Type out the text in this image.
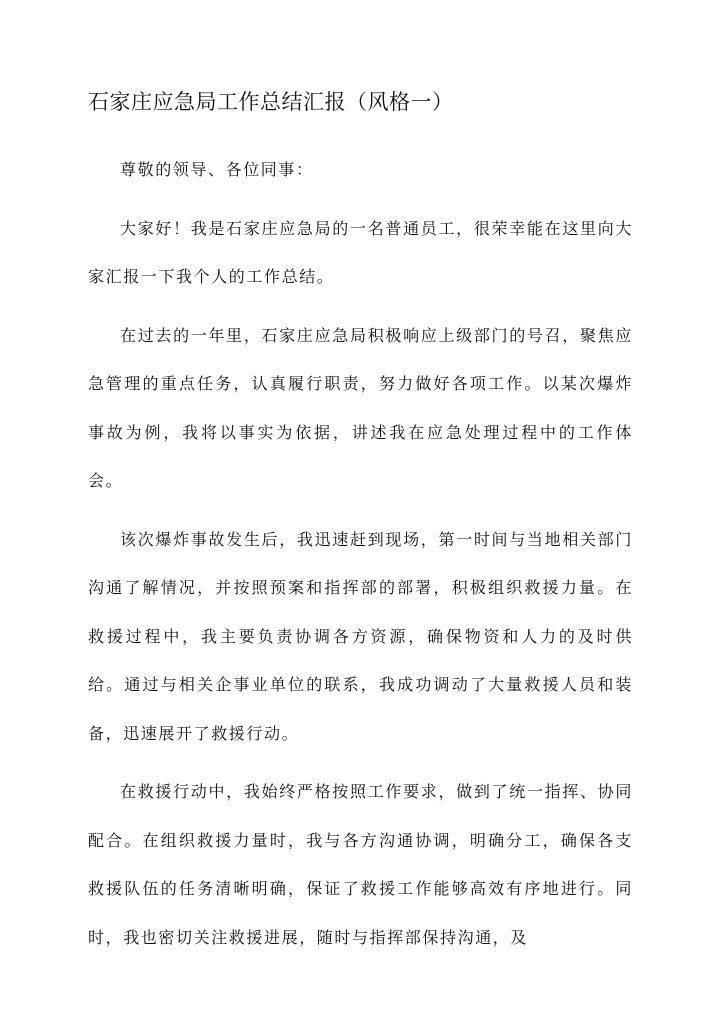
石家庄应急局工作总结汇报（风格一）

尊敬的领导、各位同事：

大家好！我是石家庄应急局的一名普通员工，很荣幸能在这里向大家汇报一下我个人的工作总结。

在过去的一年里，石家庄应急局积极响应上级部门的号召，聚焦应急管理的重点任务，认真履行职责，努力做好各项工作。以某次爆炸事故为例，我将以事实为依据，讲述我在应急处理过程中的工作体会。

该次爆炸事故发生后，我迅速赶到现场，第一时间与当地相关部门沟通了解情况，并按照预案和指挥部的部署，积极组织救援力量。在救援过程中，我主要负责协调各方资源，确保物资和人力的及时供给。通过与相关企事业单位的联系，我成功调动了大量救援人员和装备，迅速展开了救援行动。

在救援行动中，我始终严格按照工作要求，做到了统一指挥、协同配合。在组织救援力量时，我与各方沟通协调，明确分工，确保各支救援队伍的任务清晰明确，保证了救援工作能够高效有序地进行。同时，我也密切关注救援进展，随时与指挥部保持沟通，及
